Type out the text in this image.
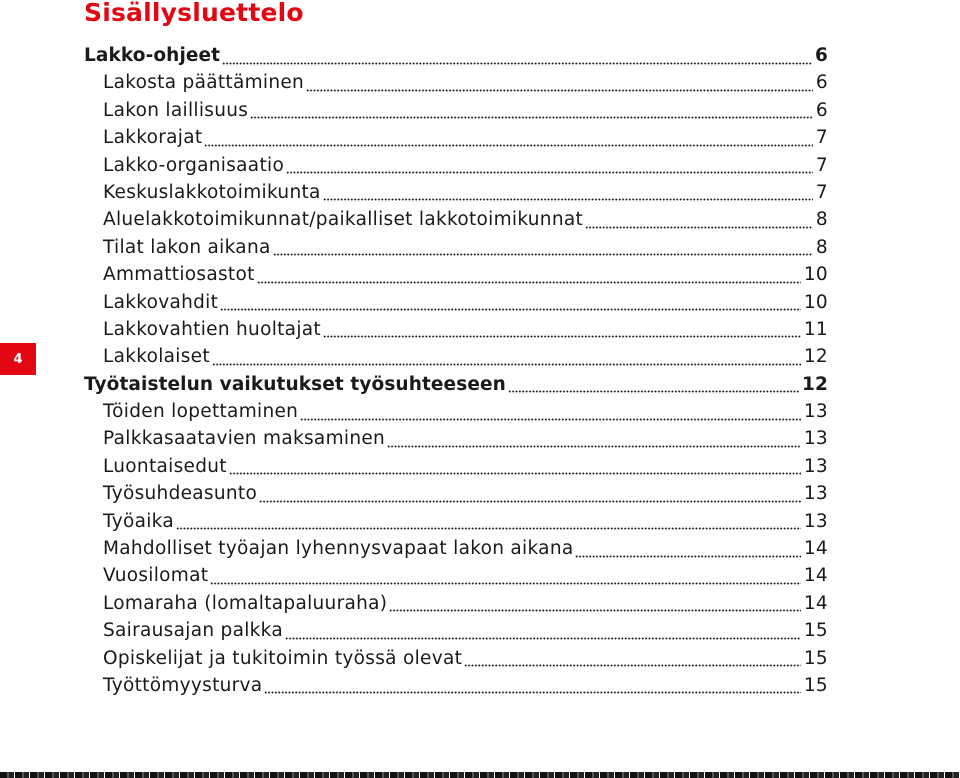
Sisällysluettelo
4
Lakko-ohjeet	6
Lakosta päättäminen	6
Lakon laillisuus	6
Lakkorajat	7
Lakko-organisaatio	7
Keskuslakkotoimikunta	7
Aluelakkotoimikunnat/paikalliset lakkotoimikunnat	8
Tilat lakon aikana	8
Ammattiosastot	10
Lakkovahdit	10
Lakkovahtien huoltajat	11
Lakkolaiset	12
Työtaistelun vaikutukset työsuhteeseen	12
Töiden lopettaminen	13
Palkkasaatavien maksaminen	13
Luontaisedut	13
Työsuhdeasunto	13
Työaika	13
Mahdolliset työajan lyhennysvapaat lakon aikana	14
Vuosilomat	14
Lomaraha (lomaltapaluuraha)	14
Sairausajan palkka	15
Opiskelijat ja tukitoimin työssä olevat	15
Työttömyysturva	15
